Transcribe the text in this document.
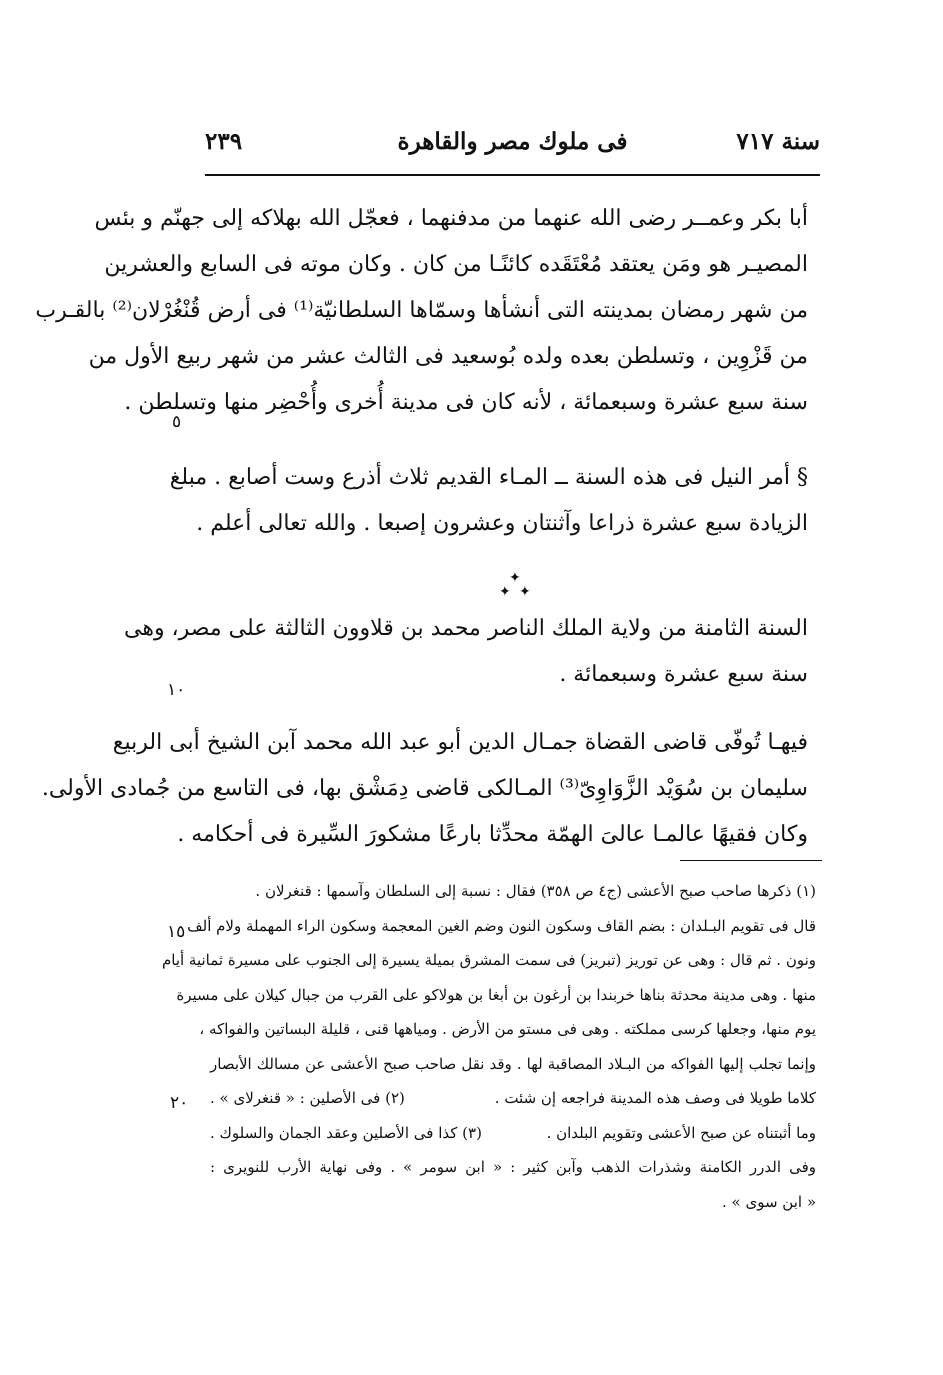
سنة ٧١٧
فى ملوك مصر والقاهرة
٢٣٩
أبا بكر وعمــر رضى الله عنهما من مدفنهما ، فعجّل الله بهلاكه إلى جهنّم و بئس
المصيـر هو ومَن يعتقد مُعْتَقَده كائنًـا من كان . وكان موته فى السابع والعشرين
من شهر رمضان بمدينته التى أنشأها وسمّاها السلطانيّة⁽¹⁾ فى أرض قُنْغُرْلان⁽²⁾ بالقـرب
من قَزْوِين ، وتسلطن بعده ولده بُوسعيد فى الثالث عشر من شهر ربيع الأول من
سنة سبع عشرة وسبعمائة ، لأنه كان فى مدينة أُخرى وأُحْضِر منها وتسلطن .
٥
§ أمر النيل فى هذه السنة ــ المـاء القديم ثلاث أذرع وست أصابع . مبلغ
الزيادة سبع عشرة ذراعا وآثنتان وعشرون إصبعا . والله تعالى أعلم .
✦
✦ ✦
السنة الثامنة من ولاية الملك الناصر محمد بن قلاوون الثالثة على مصر، وهى
سنة سبع عشرة وسبعمائة .
١٠
فيهـا تُوفّى قاضى القضاة جمـال الدين أبو عبد الله محمد آبن الشيخ أبى الربيع
سليمان بن سُوَيْد الزَّوَاوِىّ⁽³⁾ المـالكى قاضى دِمَشْق بها، فى التاسع من جُمادى الأولى.
وكان فقيهًا عالمـا عالىَ الهمّة محدِّثا بارعًا مشكورَ السِّيرة فى أحكامه .
(١) ذكرها صاحب صبح الأعشى (ج٤ ص ٣٥٨) فقال : نسبة إلى السلطان وآسمها : قنغرلان .
قال فى تقويم البـلدان : بضم القاف وسكون النون وضم الغين المعجمة وسكون الراء المهملة ولام ألف
ونون . ثم قال : وهى عن توريز (تبريز) فى سمت المشرق بميلة يسيرة إلى الجنوب على مسيرة ثمانية أيام
منها . وهى مدينة محدثة بناها خربندا بن أرغون بن أبغا بن هولاكو على القرب من جبال كيلان على مسيرة
يوم منها، وجعلها كرسى مملكته . وهى فى مستو من الأرض . ومياهها قنى ، قليلة البساتين والفواكه ،
وإنما تجلب إليها الفواكه من البـلاد المصاقبة لها . وقد نقل صاحب صبح الأعشى عن مسالك الأبصار
كلاما طويلا فى وصف هذه المدينة فراجعه إن شئت .
(٢) فى الأصلين : « قنغرلاى » .
وما أثبتناه عن صبح الأعشى وتقويم البلدان .
(٣) كذا فى الأصلين وعقد الجمان والسلوك .
وفى الدرر الكامنة وشذرات الذهب وآبن كثير : « ابن سومر » . وفى نهاية الأرب للنويرى :
« ابن سوى » .
١٥
٢٠
